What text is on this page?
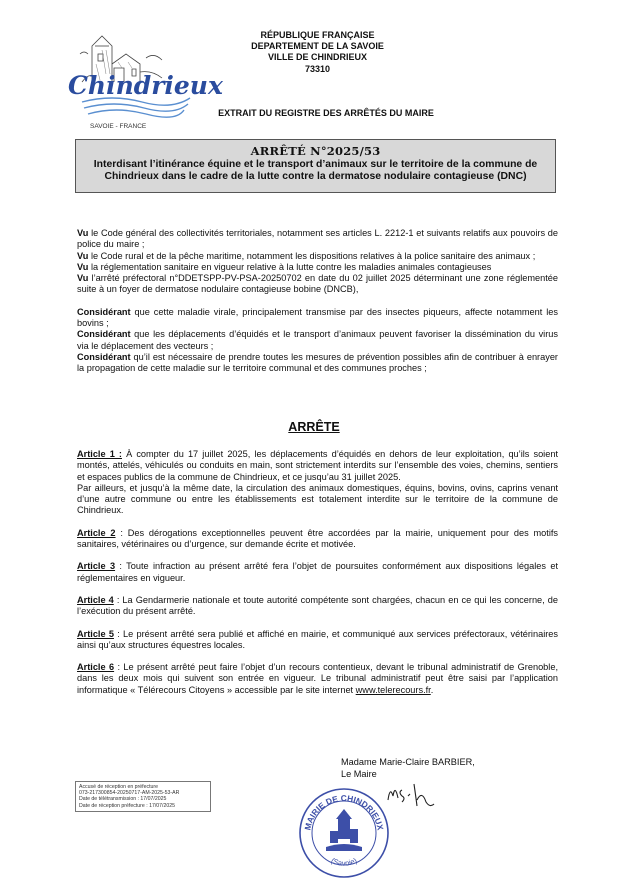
Chindrieux
SAVOIE - FRANCE
RÉPUBLIQUE FRANÇAISE
DEPARTEMENT DE LA SAVOIE
VILLE DE CHINDRIEUX
73310
EXTRAIT DU REGISTRE DES ARRÊTÉS DU MAIRE
ARRÊTÉ N°2025/53
Interdisant l’itinérance équine et le transport d’animaux sur le territoire de la commune de Chindrieux dans le cadre de la lutte contre la dermatose nodulaire contagieuse (DNC)

Vu le Code général des collectivités territoriales, notamment ses articles L. 2212-1 et suivants relatifs aux pouvoirs de police du maire ;

Vu le Code rural et de la pêche maritime, notamment les dispositions relatives à la police sanitaire des animaux ;

Vu la réglementation sanitaire en vigueur relative à la lutte contre les maladies animales contagieuses

Vu l’arrêté préfectoral n°DDETSPP-PV-PSA-20250702 en date du 02 juillet 2025 déterminant une zone réglementée suite à un foyer de dermatose nodulaire contagieuse bobine (DNCB),

Considérant que cette maladie virale, principalement transmise par des insectes piqueurs, affecte notamment les bovins ;

Considérant que les déplacements d’équidés et le transport d’animaux peuvent favoriser la dissémination du virus via le déplacement des vecteurs ;

Considérant qu’il est nécessaire de prendre toutes les mesures de prévention possibles afin de contribuer à enrayer la propagation de cette maladie sur le territoire communal et des communes proches ;

ARRÊTE

Article 1 : À compter du 17 juillet 2025, les déplacements d’équidés en dehors de leur exploitation, qu’ils soient montés, attelés, véhiculés ou conduits en main, sont strictement interdits sur l’ensemble des voies, chemins, sentiers et espaces publics de la commune de Chindrieux, et ce jusqu’au 31 juillet 2025.

Par ailleurs, et jusqu’à la même date, la circulation des animaux domestiques, équins, bovins, ovins, caprins venant d’une autre commune ou entre les établissements est totalement interdite sur le territoire de la commune de Chindrieux.

Article 2 : Des dérogations exceptionnelles peuvent être accordées par la mairie, uniquement pour des motifs sanitaires, vétérinaires ou d’urgence, sur demande écrite et motivée.

Article 3 : Toute infraction au présent arrêté fera l’objet de poursuites conformément aux dispositions légales et réglementaires en vigueur.

Article 4 : La Gendarmerie nationale et toute autorité compétente sont chargées, chacun en ce qui les concerne, de l’exécution du présent arrêté.

Article 5 : Le présent arrêté sera publié et affiché en mairie, et communiqué aux services préfectoraux, vétérinaires ainsi qu’aux structures équestres locales.

Article 6 : Le présent arrêté peut faire l’objet d’un recours contentieux, devant le tribunal administratif de Grenoble, dans les deux mois qui suivent son entrée en vigueur. Le tribunal administratif peut être saisi par l’application informatique « Télérecours Citoyens » accessible par le site internet www.telerecours.fr.

Madame Marie-Claire BARBIER,
Le Maire
MAIRIE DE CHINDRIEUX
(Savoie)
Accusé de réception en préfecture
073-217300854-20250717-AM-2025-53-AR
Date de télétransmission : 17/07/2025
Date de réception préfecture : 17/07/2025
